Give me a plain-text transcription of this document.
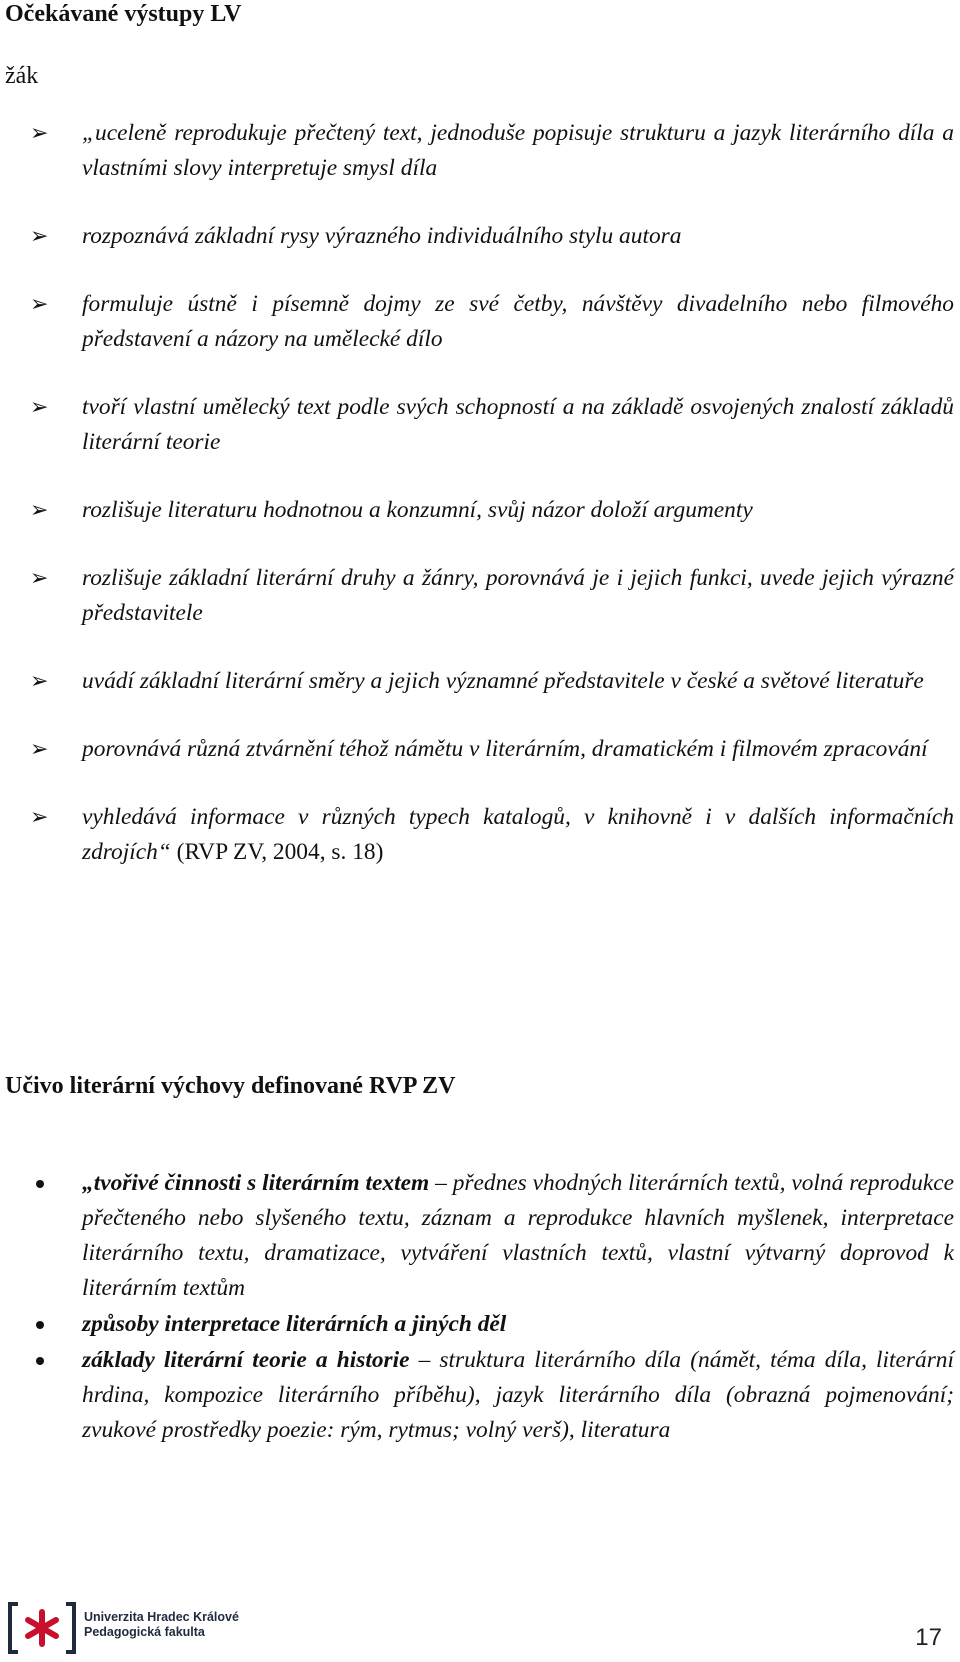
Očekávané výstupy LV
žák
➢ „uceleně reprodukuje přečtený text, jednoduše popisuje strukturu a jazyk literárního díla a vlastními slovy interpretuje smysl díla
➢ rozpoznává základní rysy výrazného individuálního stylu autora
➢ formuluje ústně i písemně dojmy ze své četby, návštěvy divadelního nebo filmového představení a názory na umělecké dílo
➢ tvoří vlastní umělecký text podle svých schopností a na základě osvojených znalostí základů literární teorie
➢ rozlišuje literaturu hodnotnou a konzumní, svůj názor doloží argumenty
➢ rozlišuje základní literární druhy a žánry, porovnává je i jejich funkci, uvede jejich výrazné představitele
➢ uvádí základní literární směry a jejich významné představitele v české a světové literatuře
➢ porovnává různá ztvárnění téhož námětu v literárním, dramatickém i filmovém zpracování
➢ vyhledává informace v různých typech katalogů, v knihovně i v dalších informačních zdrojích“ (RVP ZV, 2004, s. 18)
Učivo literární výchovy definované RVP ZV
„tvořivé činnosti s literárním textem – přednes vhodných literárních textů, volná reprodukce přečteného nebo slyšeného textu, záznam a reprodukce hlavních myšlenek, interpretace literárního textu, dramatizace, vytváření vlastních textů, vlastní výtvarný doprovod k literárním textům
způsoby interpretace literárních a jiných děl
základy literární teorie a historie – struktura literárního díla (námět, téma díla, literární hrdina, kompozice literárního příběhu), jazyk literárního díla (obrazná pojmenování; zvukové prostředky poezie: rým, rytmus; volný verš), literatura
Univerzita Hradec Králové
Pedagogická fakulta	17
